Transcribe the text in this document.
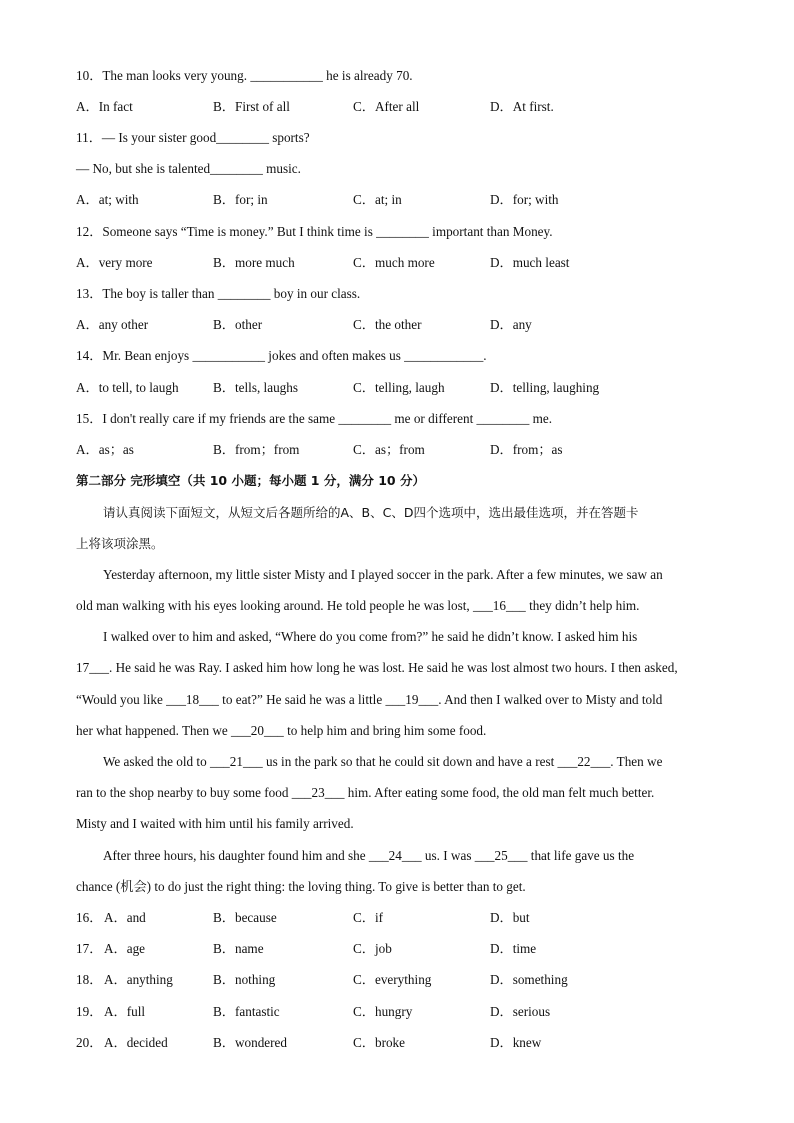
10．The man looks very young. ___________ he is already 70.
A．In fact	B．First of all	C．After all	D．At first.
11．— Is your sister good________ sports?
— No, but she is talented________ music.
A．at; with	B．for; in	C．at; in	D．for; with
12．Someone says “Time is money.” But I think time is ________ important than Money.
A．very more	B．more much	C．much more	D．much least
13．The boy is taller than ________ boy in our class.
A．any other	B．other	C．the other	D．any
14．Mr. Bean enjoys ___________ jokes and often makes us ____________.
A．to tell, to laugh	B．tells, laughs	C．telling, laugh	D．telling, laughing
15．I don't really care if my friends are the same ________ me or different ________ me.
A．as；as	B．from；from	C．as；from	D．from；as
第二部分 完形填空（共 10 小题；每小题 1 分，满分 10 分）
请认真阅读下面短文，从短文后各题所给的A、B、C、D四个选项中，选出最佳选项，并在答题卡
上将该项涂黑。
Yesterday afternoon, my little sister Misty and I played soccer in the park. After a few minutes, we saw an
old man walking with his eyes looking around. He told people he was lost, ___16___ they didn’t help him.
I walked over to him and asked, “Where do you come from?” he said he didn’t know. I asked him his
17___. He said he was Ray. I asked him how long he was lost. He said he was lost almost two hours. I then asked,
“Would you like ___18___ to eat?” He said he was a little ___19___. And then I walked over to Misty and told
her what happened. Then we ___20___ to help him and bring him some food.
We asked the old to ___21___ us in the park so that he could sit down and have a rest ___22___. Then we
ran to the shop nearby to buy some food ___23___ him. After eating some food, the old man felt much better.
Misty and I waited with him until his family arrived.
After three hours, his daughter found him and she ___24___ us. I was ___25___ that life gave us the
chance (机会) to do just the right thing: the loving thing. To give is better than to get.
16． A．and	B．because	C．if	D．but
17． A．age	B．name	C．job	D．time
18． A．anything	B．nothing	C．everything	D．something
19． A．full	B．fantastic	C．hungry	D．serious
20． A．decided	B．wondered	C．broke	D．knew
